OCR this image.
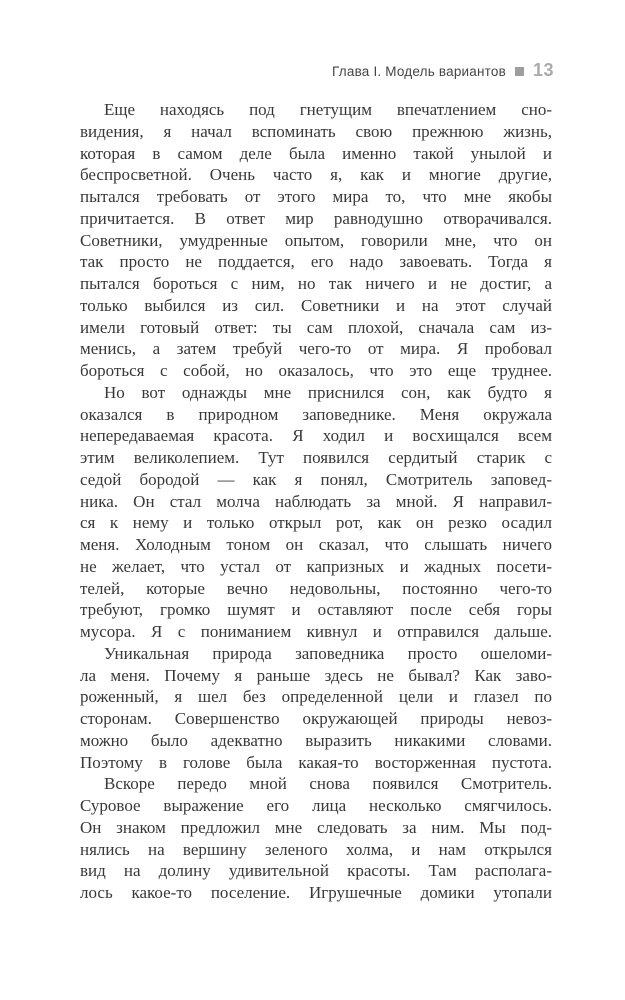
Глава I. Модель вариантов 13
Еще находясь под гнетущим впечатлением сно-
видения, я начал вспоминать свою прежнюю жизнь,
которая в самом деле была именно такой унылой и
беспросветной. Очень часто я, как и многие другие,
пытался требовать от этого мира то, что мне якобы
причитается. В ответ мир равнодушно отворачивался.
Советники, умудренные опытом, говорили мне, что он
так просто не поддается, его надо завоевать. Тогда я
пытался бороться с ним, но так ничего и не достиг, а
только выбился из сил. Советники и на этот случай
имели готовый ответ: ты сам плохой, сначала сам из-
менись, а затем требуй чего-то от мира. Я пробовал
бороться с собой, но оказалось, что это еще труднее.
Но вот однажды мне приснился сон, как будто я
оказался в природном заповеднике. Меня окружала
непередаваемая красота. Я ходил и восхищался всем
этим великолепием. Тут появился сердитый старик с
седой бородой — как я понял, Смотритель заповед-
ника. Он стал молча наблюдать за мной. Я направил-
ся к нему и только открыл рот, как он резко осадил
меня. Холодным тоном он сказал, что слышать ничего
не желает, что устал от капризных и жадных посети-
телей, которые вечно недовольны, постоянно чего-то
требуют, громко шумят и оставляют после себя горы
мусора. Я с пониманием кивнул и отправился дальше.
Уникальная природа заповедника просто ошеломи-
ла меня. Почему я раньше здесь не бывал? Как заво-
роженный, я шел без определенной цели и глазел по
сторонам. Совершенство окружающей природы невоз-
можно было адекватно выразить никакими словами.
Поэтому в голове была какая-то восторженная пустота.
Вскоре передо мной снова появился Смотритель.
Суровое выражение его лица несколько смягчилось.
Он знаком предложил мне следовать за ним. Мы под-
нялись на вершину зеленого холма, и нам открылся
вид на долину удивительной красоты. Там располага-
лось какое-то поселение. Игрушечные домики утопали
